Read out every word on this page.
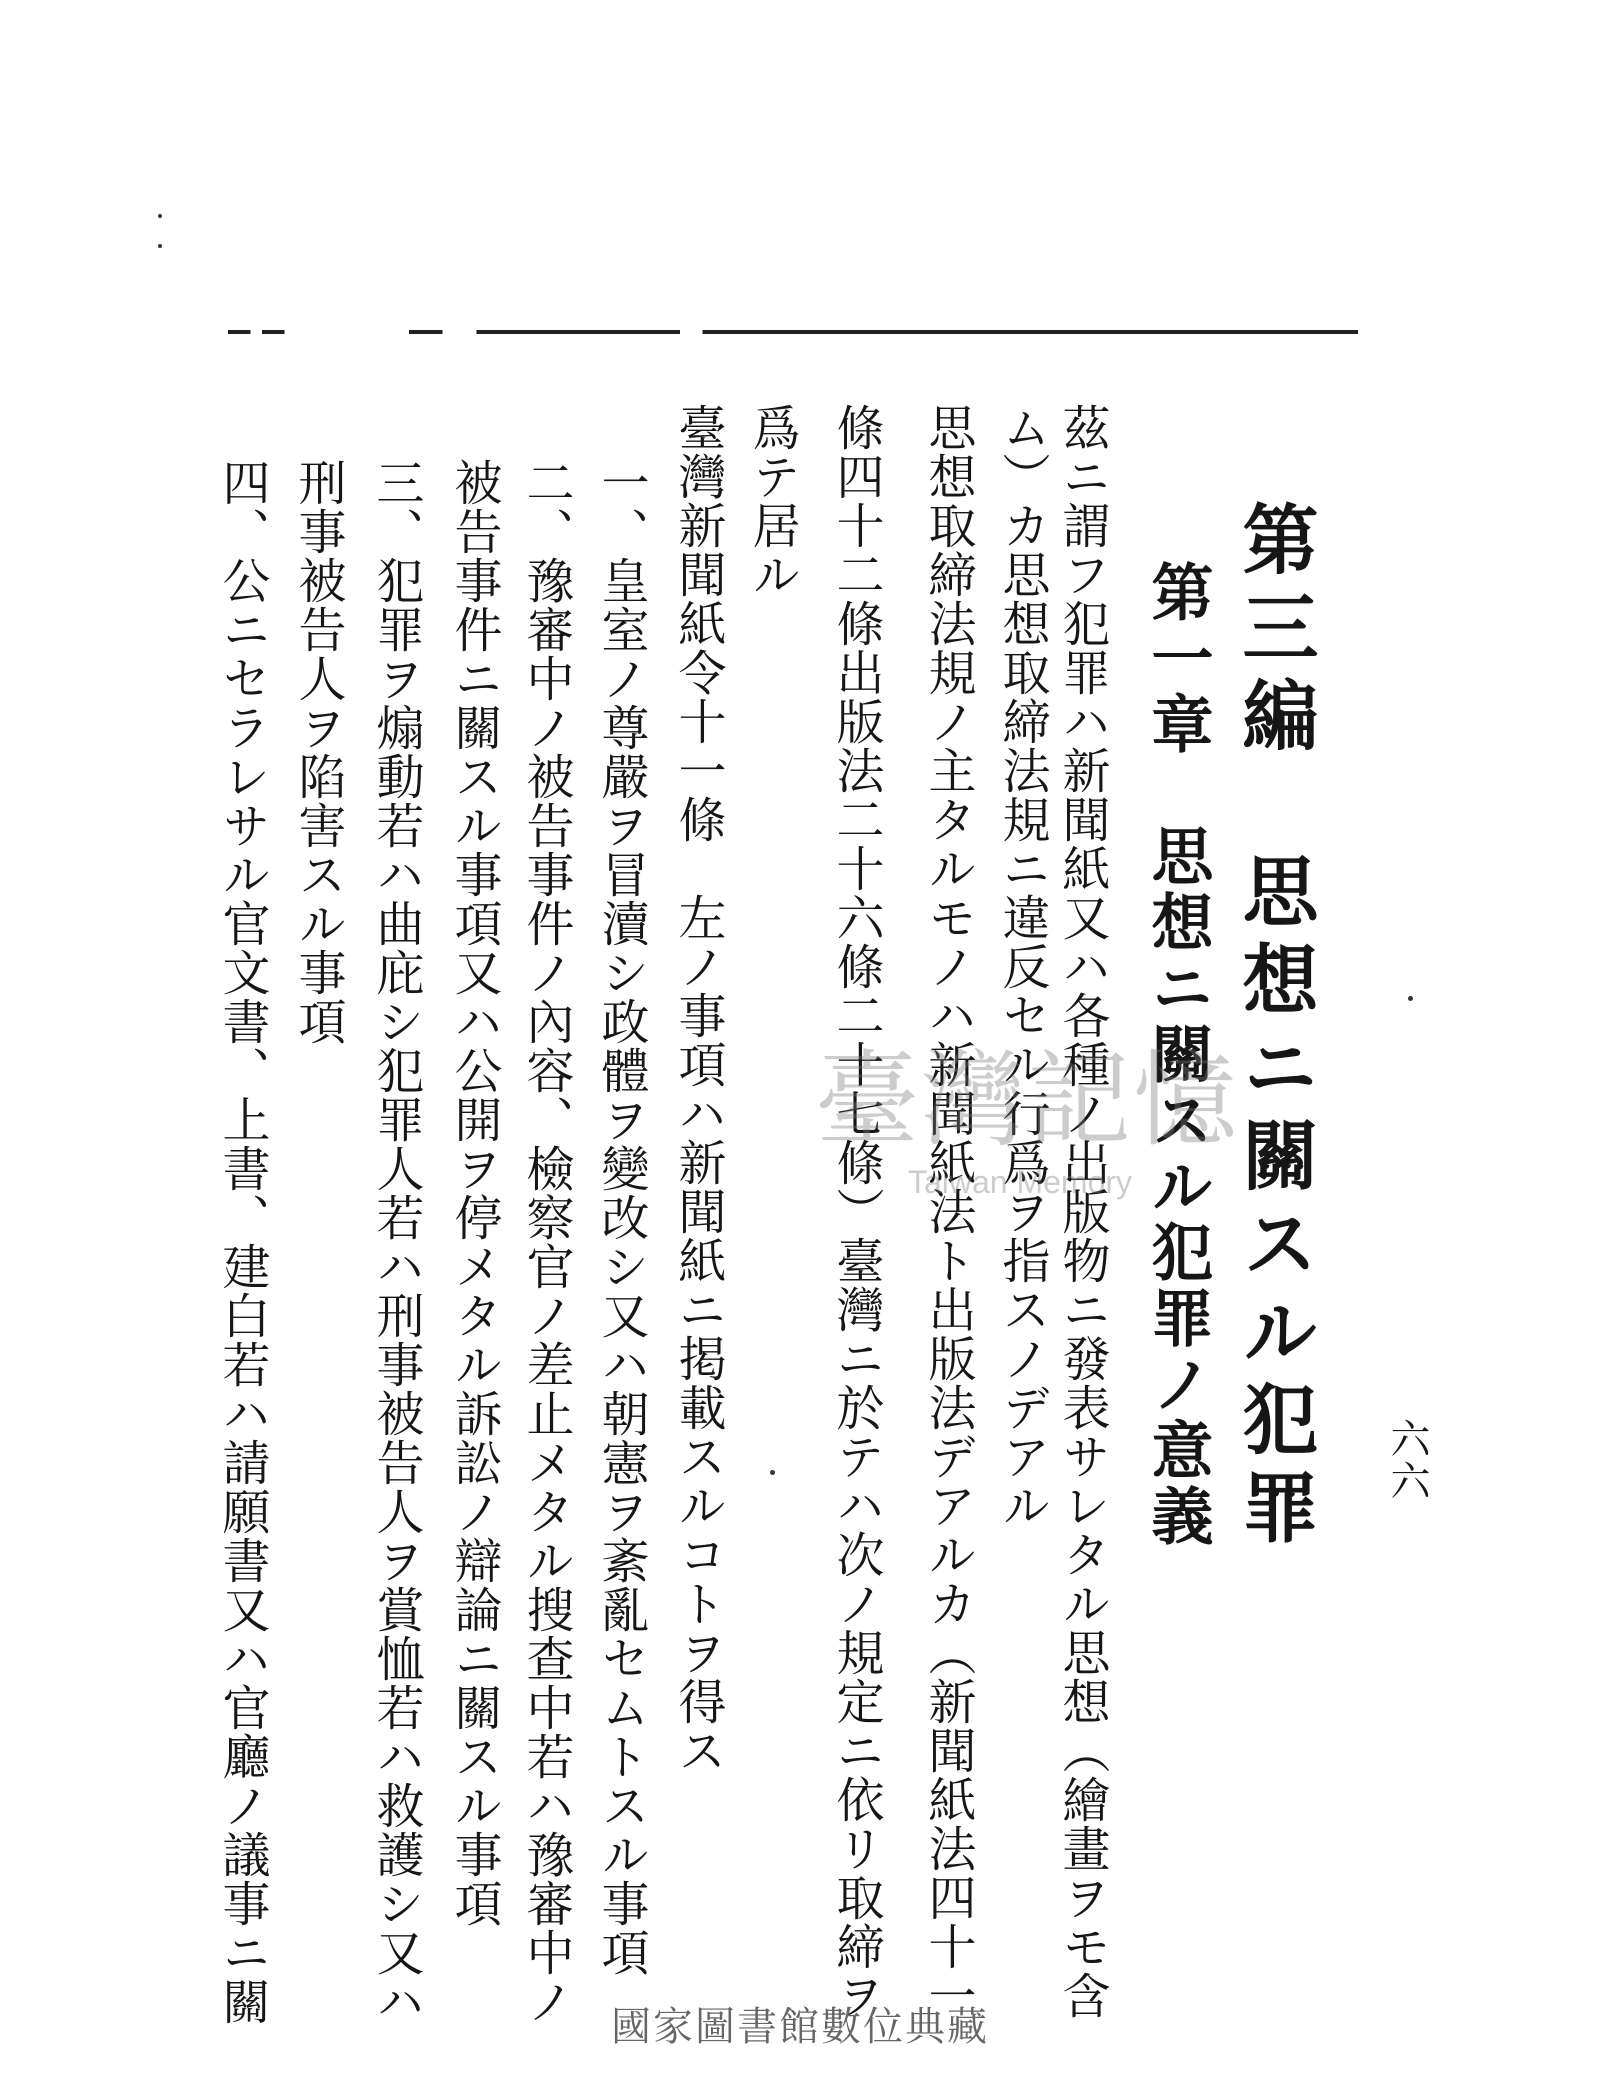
六六
第三編　思想ニ關スル犯罪
第一章　思想ニ關スル犯罪ノ意義
茲ニ謂フ犯罪ハ新聞紙又ハ各種ノ出版物ニ發表サレタル思想（繪畫ヲモ含
ム）カ思想取締法規ニ違反セル行爲ヲ指スノデアル
思想取締法規ノ主タルモノハ新聞紙法ト出版法デアルカ（新聞紙法四十一
條四十二條出版法二十六條二十七條）臺灣ニ於テハ次ノ規定ニ依リ取締ヲ
爲テ居ル
臺灣新聞紙令十一條　左ノ事項ハ新聞紙ニ掲載スルコトヲ得ス
一、皇室ノ尊嚴ヲ冒瀆シ政體ヲ變改シ又ハ朝憲ヲ紊亂セムトスル事項
二、豫審中ノ被告事件ノ內容、檢察官ノ差止メタル搜查中若ハ豫審中ノ
被告事件ニ關スル事項又ハ公開ヲ停メタル訴訟ノ辯論ニ關スル事項
三、犯罪ヲ煽動若ハ曲庇シ犯罪人若ハ刑事被告人ヲ賞恤若ハ救護シ又ハ
刑事被告人ヲ陷害スル事項
四、公ニセラレサル官文書、上書、建白若ハ請願書又ハ官廳ノ議事ニ關	臺灣記憶
Taiwan Memory
國家圖書館數位典藏
